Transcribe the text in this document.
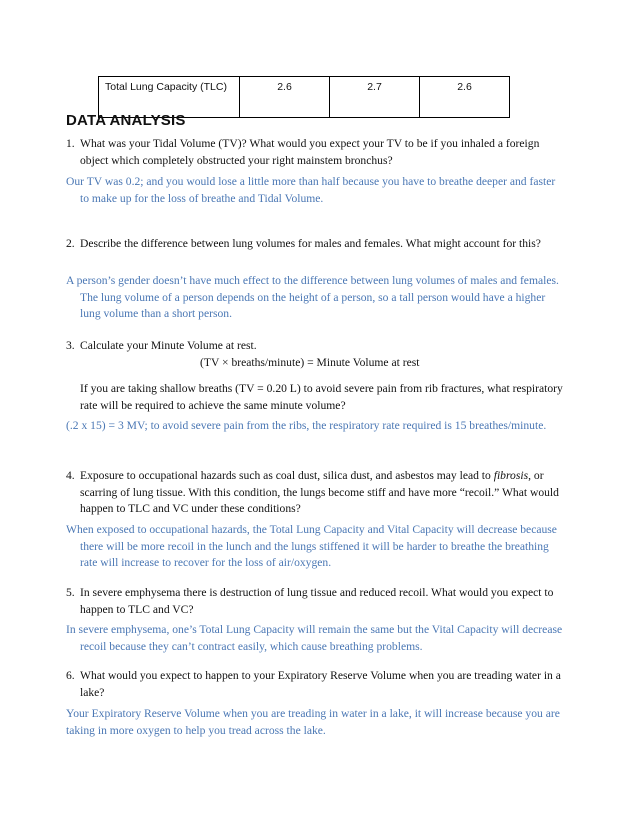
Total Lung Capacity (TLC)	2.6	2.7	2.6
DATA ANALYSIS

1. What was your Tidal Volume (TV)? What would you expect your TV to be if you inhaled a foreign object which completely obstructed your right mainstem bronchus?

Our TV was 0.2; and you would lose a little more than half because you have to breathe deeper and faster to make up for the loss of breathe and Tidal Volume.

2. Describe the difference between lung volumes for males and females. What might account for this?

A person’s gender doesn’t have much effect to the difference between lung volumes of males and females. The lung volume of a person depends on the height of a person, so a tall person would have a higher lung volume than a short person.

3. Calculate your Minute Volume at rest.

(TV × breaths/minute) = Minute Volume at rest

If you are taking shallow breaths (TV = 0.20 L) to avoid severe pain from rib fractures, what respiratory rate will be required to achieve the same minute volume?

(.2 x 15) = 3 MV; to avoid severe pain from the ribs, the respiratory rate required is 15 breathes/minute.

4. Exposure to occupational hazards such as coal dust, silica dust, and asbestos may lead to fibrosis, or scarring of lung tissue. With this condition, the lungs become stiff and have more “recoil.” What would happen to TLC and VC under these conditions?

When exposed to occupational hazards, the Total Lung Capacity and Vital Capacity will decrease because there will be more recoil in the lunch and the lungs stiffened it will be harder to breathe the breathing rate will increase to recover for the loss of air/oxygen.

5. In severe emphysema there is destruction of lung tissue and reduced recoil. What would you expect to happen to TLC and VC?

In severe emphysema, one’s Total Lung Capacity will remain the same but the Vital Capacity will decrease recoil because they can’t contract easily, which cause breathing problems.

6. What would you expect to happen to your Expiratory Reserve Volume when you are treading water in a lake?

Your Expiratory Reserve Volume when you are treading in water in a lake, it will increase because you are taking in more oxygen to help you tread across the lake.
